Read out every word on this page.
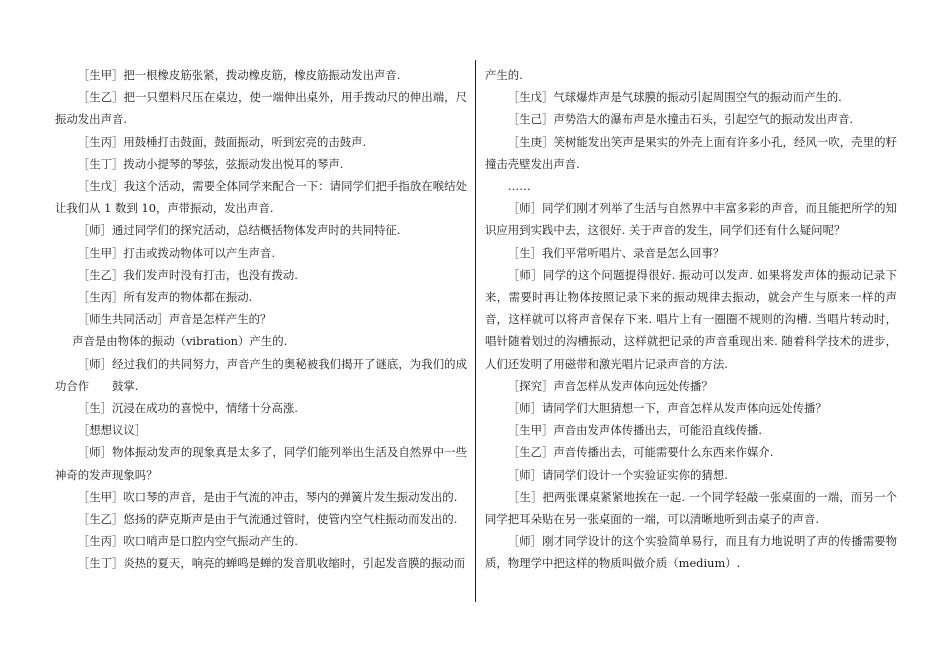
［生甲］把一根橡皮筋张紧，拨动橡皮筋，橡皮筋振动发出声音.

［生乙］把一只塑料尺压在桌边，使一端伸出桌外，用手拨动尺的伸出端，尺振动发出声音.

［生丙］用鼓棰打击鼓面，鼓面振动，听到宏亮的击鼓声.

［生丁］拨动小提琴的琴弦，弦振动发出悦耳的琴声.

［生戊］我这个活动，需要全体同学来配合一下：请同学们把手指放在喉结处让我们从 1 数到 10，声带振动，发出声音.

［师］通过同学们的探究活动，总结概括物体发声时的共同特征.

［生甲］打击或拨动物体可以产生声音.

［生乙］我们发声时没有打击，也没有拨动.

［生丙］所有发声的物体都在振动.

［师生共同活动］声音是怎样产生的？

声音是由物体的振动（vibration）产生的.

［师］经过我们的共同努力，声音产生的奥秘被我们揭开了谜底，为我们的成功合作　　鼓掌.

［生］沉浸在成功的喜悦中，情绪十分高涨.

［想想议议］

［师］物体振动发声的现象真是太多了，同学们能列举出生活及自然界中一些神奇的发声现象吗？

［生甲］吹口琴的声音，是由于气流的冲击，琴内的弹簧片发生振动发出的.

［生乙］悠扬的萨克斯声是由于气流通过管时，使管内空气柱振动而发出的.

［生丙］吹口哨声是口腔内空气振动产生的.

［生丁］炎热的夏天，响亮的蝉鸣是蝉的发音肌收缩时，引起发音膜的振动而

产生的.

［生戊］气球爆炸声是气球膜的振动引起周围空气的振动而产生的.

［生己］声势浩大的瀑布声是水撞击石头，引起空气的振动发出声音.

［生庚］笑树能发出笑声是果实的外壳上面有许多小孔，经风一吹，壳里的籽撞击壳壁发出声音.

……

［师］同学们刚才列举了生活与自然界中丰富多彩的声音，而且能把所学的知识应用到实践中去，这很好. 关于声音的发生，同学们还有什么疑问呢？

［生］我们平常听唱片、录音是怎么回事？

［师］同学的这个问题提得很好. 振动可以发声. 如果将发声体的振动记录下来，需要时再让物体按照记录下来的振动规律去振动，就会产生与原来一样的声音，这样就可以将声音保存下来. 唱片上有一圈圈不规则的沟槽. 当唱片转动时，唱针随着划过的沟槽振动，这样就把记录的声音重现出来. 随着科学技术的进步，人们还发明了用磁带和激光唱片记录声音的方法.

［探究］声音怎样从发声体向远处传播？

［师］请同学们大胆猜想一下，声音怎样从发声体向远处传播？

［生甲］声音由发声体传播出去，可能沿直线传播.

［生乙］声音传播出去，可能需要什么东西来作媒介.

［师］请同学们设计一个实验证实你的猜想.

［生］把两张课桌紧紧地挨在一起. 一个同学轻敲一张桌面的一端，而另一个同学把耳朵贴在另一张桌面的一端，可以清晰地听到击桌子的声音.

［师］刚才同学设计的这个实验简单易行，而且有力地说明了声的传播需要物质，物理学中把这样的物质叫做介质（medium）.
